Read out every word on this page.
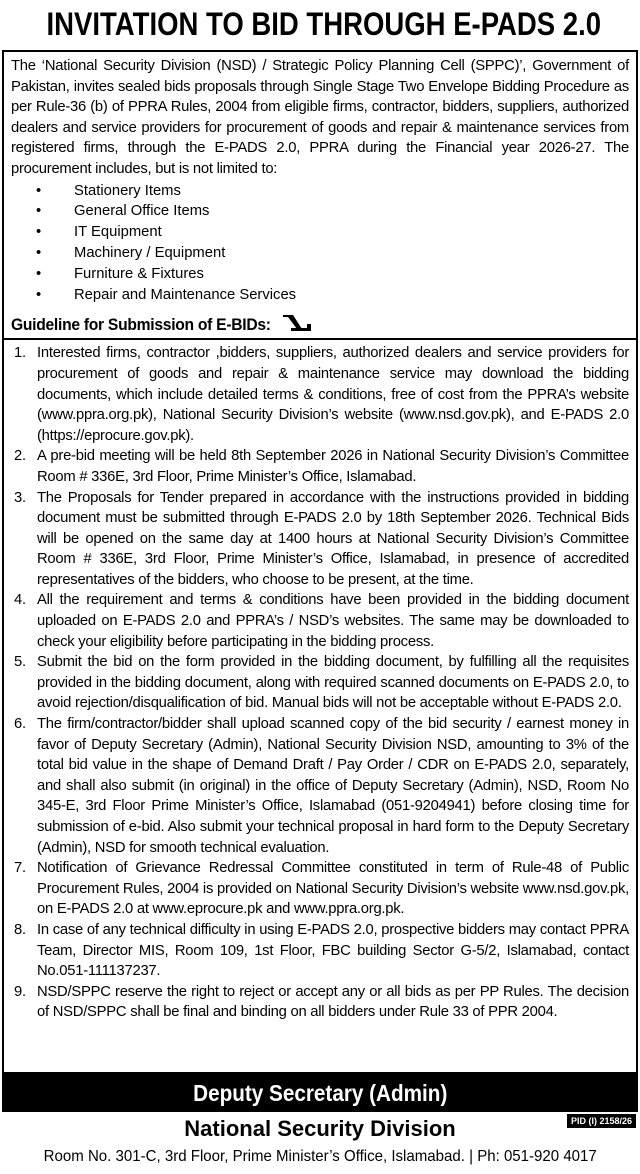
INVITATION TO BID THROUGH E-PADS 2.0

The ‘National Security Division (NSD) / Strategic Policy Planning Cell (SPPC)’, Government of Pakistan, invites sealed bids proposals through Single Stage Two Envelope Bidding Procedure as per Rule-36 (b) of PPRA Rules, 2004 from eligible firms, contractor, bidders, suppliers, authorized dealers and service providers for procurement of goods and repair & maintenance services from registered firms, through the E-PADS 2.0, PPRA during the Financial year 2026-27. The procurement includes, but is not limited to:

• Stationery Items
• General Office Items
• IT Equipment
• Machinery / Equipment
• Furniture & Fixtures
• Repair and Maintenance Services
Guideline for Submission of E-BIDs:
1. Interested firms, contractor ,bidders, suppliers, authorized dealers and service providers for procurement of goods and repair & maintenance service may download the bidding documents, which include detailed terms & conditions, free of cost from the PPRA’s website (www.ppra.org.pk), National Security Division’s website (www.nsd.gov.pk), and E-PADS 2.0 (https://eprocure.gov.pk).
2. A pre-bid meeting will be held 8th September 2026 in National Security Division’s Committee Room # 336E, 3rd Floor, Prime Minister’s Office, Islamabad.
3. The Proposals for Tender prepared in accordance with the instructions provided in bidding document must be submitted through E-PADS 2.0 by 18th September 2026. Technical Bids will be opened on the same day at 1400 hours at National Security Division’s Committee Room # 336E, 3rd Floor, Prime Minister’s Office, Islamabad, in presence of accredited representatives of the bidders, who choose to be present, at the time.
4. All the requirement and terms & conditions have been provided in the bidding document uploaded on E-PADS 2.0 and PPRA’s / NSD’s websites. The same may be downloaded to check your eligibility before participating in the bidding process.
5. Submit the bid on the form provided in the bidding document, by fulfilling all the requisites provided in the bidding document, along with required scanned documents on E-PADS 2.0, to avoid rejection/disqualification of bid. Manual bids will not be acceptable without E-PADS 2.0.
6. The firm/contractor/bidder shall upload scanned copy of the bid security / earnest money in favor of Deputy Secretary (Admin), National Security Division NSD, amounting to 3% of the total bid value in the shape of Demand Draft / Pay Order / CDR on E-PADS 2.0, separately, and shall also submit (in original) in the office of Deputy Secretary (Admin), NSD, Room No 345-E, 3rd Floor Prime Minister’s Office, Islamabad (051-9204941) before closing time for submission of e-bid. Also submit your technical proposal in hard form to the Deputy Secretary (Admin), NSD for smooth technical evaluation.
7. Notification of Grievance Redressal Committee constituted in term of Rule-48 of Public Procurement Rules, 2004 is provided on National Security Division’s website www.nsd.gov.pk, on E-PADS 2.0 at www.eprocure.pk and www.ppra.org.pk.
8. In case of any technical difficulty in using E-PADS 2.0, prospective bidders may contact PPRA Team, Director MIS, Room 109, 1st Floor, FBC building Sector G-5/2, Islamabad, contact No.051-111137237.
9. NSD/SPPC reserve the right to reject or accept any or all bids as per PP Rules. The decision of NSD/SPPC shall be final and binding on all bidders under Rule 33 of PPR 2004.
Deputy Secretary (Admin)
National Security Division	PID (I) 2158/26
Room No. 301-C, 3rd Floor, Prime Minister’s Office, Islamabad. | Ph: 051-920 4017
